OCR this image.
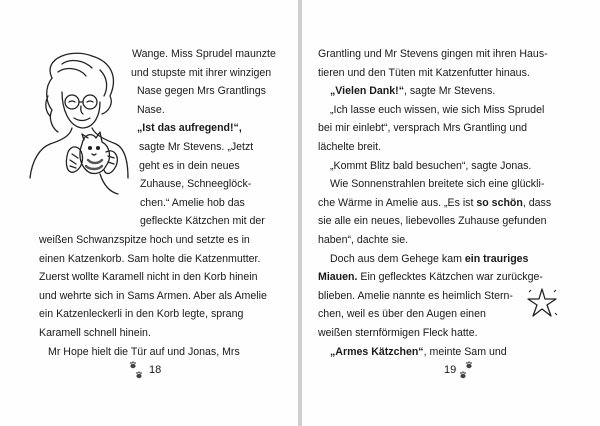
Wange. Miss Sprudel maunzte
und stupste mit ihrer winzigen
Nase gegen Mrs Grantlings
Nase.
„Ist das aufregend!“,
sagte Mr Stevens. „Jetzt
geht es in dein neues
Zuhause, Schneeglöck-
chen.“ Amelie hob das
gefleckte Kätzchen mit der
weißen Schwanzspitze hoch und setzte es in
einen Katzenkorb. Sam holte die Katzenmutter.
Zuerst wollte Karamell nicht in den Korb hinein
und wehrte sich in Sams Armen. Aber als Amelie
ein Katzenleckerli in den Korb legte, sprang
Karamell schnell hinein.
Mr Hope hielt die Tür auf und Jonas, Mrs
Grantling und Mr Stevens gingen mit ihren Haus-
tieren und den Tüten mit Katzenfutter hinaus.
„Vielen Dank!“, sagte Mr Stevens.
„Ich lasse euch wissen, wie sich Miss Sprudel
bei mir einlebt“, versprach Mrs Grantling und
lächelte breit.
„Kommt Blitz bald besuchen“, sagte Jonas.
Wie Sonnenstrahlen breitete sich eine glückli-
che Wärme in Amelie aus. „Es ist so schön, dass
sie alle ein neues, liebevolles Zuhause gefunden
haben“, dachte sie.
Doch aus dem Gehege kam ein trauriges
Miauen. Ein geflecktes Kätzchen war zurückge-
blieben. Amelie nannte es heimlich Stern-
chen, weil es über den Augen einen
weißen sternförmigen Fleck hatte.
„Armes Kätzchen“, meinte Sam und
18	19
